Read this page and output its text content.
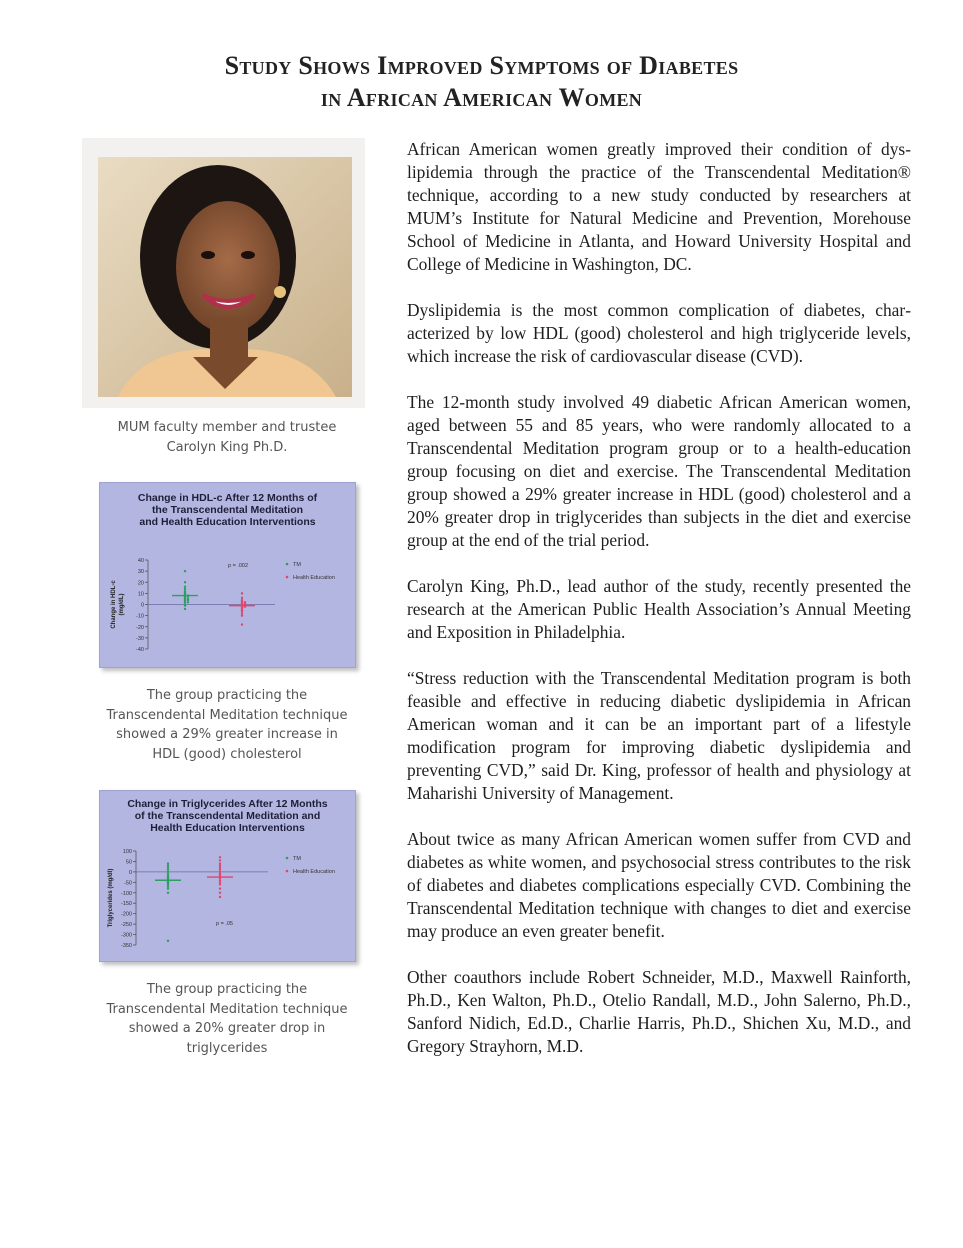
Study Shows Improved Symptoms of Diabetes
in African American Women
MUM faculty member and trustee
Carolyn King Ph.D.
Change in HDL-c After 12 Months of
the Transcendental Meditation
and Health Education Interventions
40
30
20
10
0
-10
-20
-30
-40
Change in HDL-c (mg/dL)
TM
Health Education
p = .002
The group practicing the
Transcendental Meditation technique
showed a 29% greater increase in
HDL (good) cholesterol
Change in Triglycerides After 12 Months
of the Transcendental Meditation and
Health Education Interventions
100
50
0
-50
-100
-150
-200
-250
-300
-350
Triglycerides (mg/dl)
TM
Health Education
p = .05
The group practicing the
Transcendental Meditation technique
showed a 20% greater drop in
triglycerides

African American women greatly improved their condition of dyslipidemia through the practice of the Transcendental Meditation® technique, according to a new study conducted by researchers at MUM’s Institute for Natural Medicine and Prevention, Morehouse School of Medicine in Atlanta, and Howard University Hospital and College of Medicine in Washington, DC.

Dyslipidemia is the most common complication of diabetes, characterized by low HDL (good) cholesterol and high triglyceride levels, which increase the risk of cardiovascular disease (CVD).

The 12-month study involved 49 diabetic African American women, aged between 55 and 85 years, who were randomly allocated to a Transcendental Meditation program group or to a health-education group focusing on diet and exercise. The Transcendental Meditation group showed a 29% greater increase in HDL (good) cholesterol and a 20% greater drop in triglycerides than subjects in the diet and exercise group at the end of the trial period.

Carolyn King, Ph.D., lead author of the study, recently presented the research at the American Public Health Association’s Annual Meeting and Exposition in Philadelphia.

“Stress reduction with the Transcendental Meditation program is both feasible and effective in reducing diabetic dyslipidemia in African American woman and it can be an important part of a lifestyle modification program for improving diabetic dyslipidemia and preventing CVD,” said Dr. King, professor of health and physiology at Maharishi University of Management.

About twice as many African American women suffer from CVD and diabetes as white women, and psychosocial stress contributes to the risk of diabetes and diabetes complications especially CVD. Combining the Transcendental Meditation technique with changes to diet and exercise may produce an even greater benefit.

Other coauthors include Robert Schneider, M.D., Maxwell Rainforth, Ph.D., Ken Walton, Ph.D., Otelio Randall, M.D., John Salerno, Ph.D., Sanford Nidich, Ed.D., Charlie Harris, Ph.D., Shichen Xu, M.D., and Gregory Strayhorn, M.D.
